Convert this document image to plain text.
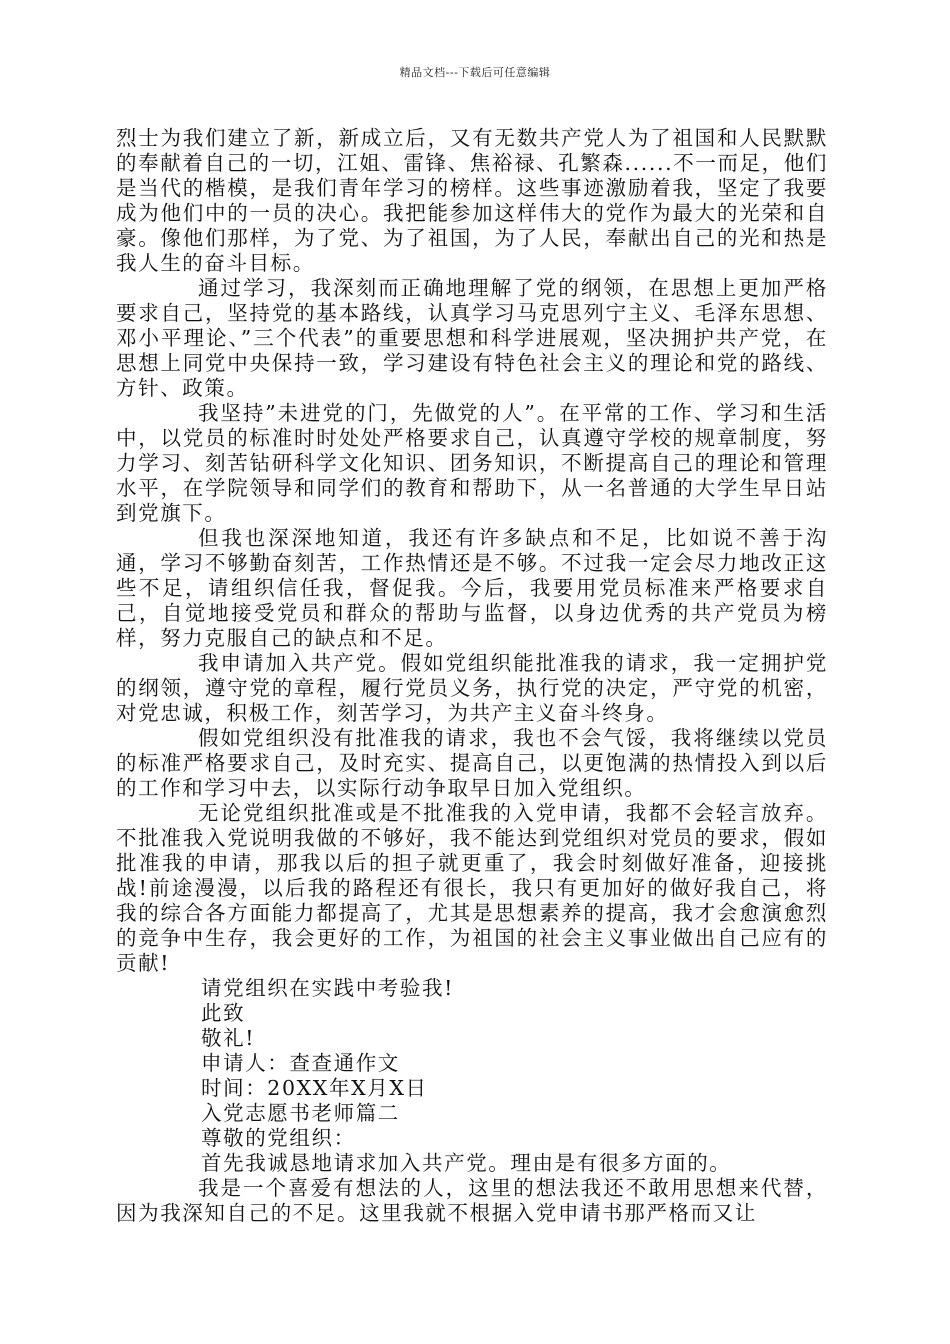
精品文档---下载后可任意编辑

烈士为我们建立了新，新成立后，又有无数共产党人为了祖国和人民默默的奉献着自己的一切，江姐、雷锋、焦裕禄、孔繁森......不一而足，他们是当代的楷模，是我们青年学习的榜样。这些事迹激励着我，坚定了我要成为他们中的一员的决心。我把能参加这样伟大的党作为最大的光荣和自豪。像他们那样，为了党、为了祖国，为了人民，奉献出自己的光和热是我人生的奋斗目标。

通过学习，我深刻而正确地理解了党的纲领，在思想上更加严格要求自己，坚持党的基本路线，认真学习马克思列宁主义、毛泽东思想、邓小平理论、”三个代表”的重要思想和科学进展观，坚决拥护共产党，在思想上同党中央保持一致，学习建设有特色社会主义的理论和党的路线、方针、政策。

我坚持”未进党的门，先做党的人”。在平常的工作、学习和生活中，以党员的标准时时处处严格要求自己，认真遵守学校的规章制度，努力学习、刻苦钻研科学文化知识、团务知识，不断提高自己的理论和管理水平，在学院领导和同学们的教育和帮助下，从一名普通的大学生早日站到党旗下。

但我也深深地知道，我还有许多缺点和不足，比如说不善于沟通，学习不够勤奋刻苦，工作热情还是不够。不过我一定会尽力地改正这些不足，请组织信任我，督促我。今后，我要用党员标准来严格要求自己，自觉地接受党员和群众的帮助与监督，以身边优秀的共产党员为榜样，努力克服自己的缺点和不足。

我申请加入共产党。假如党组织能批准我的请求，我一定拥护党的纲领，遵守党的章程，履行党员义务，执行党的决定，严守党的机密，对党忠诚，积极工作，刻苦学习，为共产主义奋斗终身。

假如党组织没有批准我的请求，我也不会气馁，我将继续以党员的标准严格要求自己，及时充实、提高自己，以更饱满的热情投入到以后的工作和学习中去，以实际行动争取早日加入党组织。

无论党组织批准或是不批准我的入党申请，我都不会轻言放弃。不批准我入党说明我做的不够好，我不能达到党组织对党员的要求，假如批准我的申请，那我以后的担子就更重了，我会时刻做好准备，迎接挑战!前途漫漫，以后我的路程还有很长，我只有更加好的做好我自己，将我的综合各方面能力都提高了，尤其是思想素养的提高，我才会愈演愈烈的竞争中生存，我会更好的工作，为祖国的社会主义事业做出自己应有的贡献!

请党组织在实践中考验我!

此致

敬礼!

申请人：查查通作文

时间：20XX年X月X日

入党志愿书老师篇二

尊敬的党组织：

首先我诚恳地请求加入共产党。理由是有很多方面的。

我是一个喜爱有想法的人，这里的想法我还不敢用思想来代替，因为我深知自己的不足。这里我就不根据入党申请书那严格而又让
